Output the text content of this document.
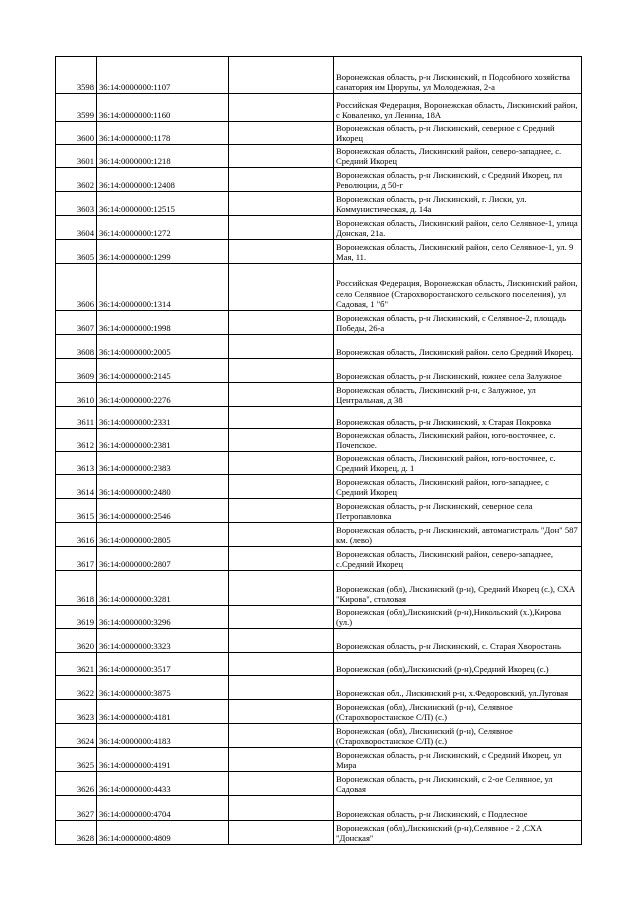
3598	36:14:0000000:1107		Воронежская область, р-н Лискинский, п Подсобного хозяйства санатория им Цюрупы, ул Молодежная, 2-а
3599	36:14:0000000:1160		Российская Федерация, Воронежская область, Лискинский район, с Коваленко, ул Ленина, 18А
3600	36:14:0000000:1178		Воронежская область, р-н Лискинский, северное с Средний Икорец
3601	36:14:0000000:1218		Воронежская область, Лискинский район, северо-западнее, с. Средний Икорец
3602	36:14:0000000:12408		Воронежская область, р-н Лискинский, с Средний Икорец, пл Революции, д 50-г
3603	36:14:0000000:12515		Воронежская область, р-н Лискинский, г. Лиски, ул. Коммунистическая, д. 14а
3604	36:14:0000000:1272		Воронежская область, Лискинский район, село Селявное-1, улица Донская, 21а.
3605	36:14:0000000:1299		Воронежская область, Лискинский район, село Селявное-1, ул. 9 Мая, 11.
3606	36:14:0000000:1314		Российская Федерация, Воронежская область, Лискинский район, село Селявное (Старохворостанского сельского поселения), ул Садовая, 1 "б"
3607	36:14:0000000:1998		Воронежская область, р-н Лискинский, с Селявное-2, площадь Победы, 26-а
3608	36:14:0000000:2005		Воронежская область, Лискинский район. село Средний Икорец.
3609	36:14:0000000:2145		Воронежская область, р-н Лискинский, южнее села Залужное
3610	36:14:0000000:2276		Воронежская область, Лискинский р-н, с Залужное, ул Центральная, д 38
3611	36:14:0000000:2331		Воронежская область, р-н Лискинский, х Старая Покровка
3612	36:14:0000000:2381		Воронежская область, Лискинский район, юго-восточнее, с. Почепское.
3613	36:14:0000000:2383		Воронежская область, Лискинский район, юго-восточнее, с. Средний Икорец, д. 1
3614	36:14:0000000:2480		Воронежская область, Лискинский район, юго-западнее, с Средний Икорец
3615	36:14:0000000:2546		Воронежская область, р-н Лискинский, северное села Петропавловка
3616	36:14:0000000:2805		Воронежская область, р-н Лискинский, автомагистраль "Дон" 587 км. (лево)
3617	36:14:0000000:2807		Воронежская область, Лискинский район, северо-западнее, с.Средний Икорец
3618	36:14:0000000:3281		Воронежская (обл), Лискинский (р-н), Средний Икорец (с.), СХА "Кирова", столовая
3619	36:14:0000000:3296		Воронежская (обл),Лискинский (р-н),Никольский (х.),Кирова (ул.)
3620	36:14:0000000:3323		Воронежская область, р-н Лискинский, с. Старая Хворостань
3621	36:14:0000000:3517		Воронежская (обл),Лискинский (р-н),Средний Икорец (с.)
3622	36:14:0000000:3875		Воронежская обл., Лискинский р-н, х.Федоровский, ул.Луговая
3623	36:14:0000000:4181		Воронежская (обл), Лискинский (р-н), Селявное (Старохворостанское С/П) (с.)
3624	36:14:0000000:4183		Воронежская (обл), Лискинский (р-н), Селявное (Старохворостанское С/П) (с.)
3625	36:14:0000000:4191		Воронежская область, р-н Лискинский, с Средний Икорец, ул Мира
3626	36:14:0000000:4433		Воронежская область, р-н Лискинский, с 2-ое Селявное, ул Садовая
3627	36:14:0000000:4704		Воронежская область, р-н Лискинский, с Подлесное
3628	36:14:0000000:4809		Воронежская (обл),Лискинский (р-н),Селявное - 2 ,СХА "Донская"
